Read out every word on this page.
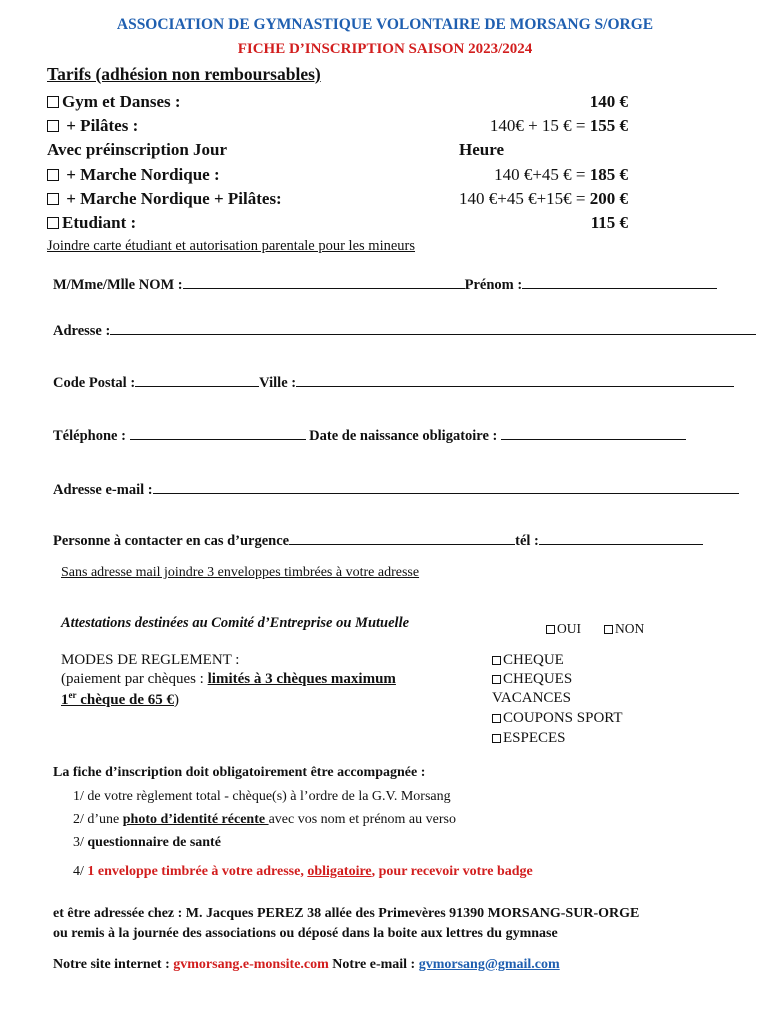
ASSOCIATION DE GYMNASTIQUE VOLONTAIRE DE MORSANG S/ORGE
FICHE D’INSCRIPTION SAISON 2023/2024
Tarifs (adhésion non remboursables)
Gym et Danses :	140 €
+ Pilâtes :	140€ + 15 € = 155 €
Avec préinscription Jour	Heure
+ Marche Nordique :	140 €+45 € = 185 €
+ Marche Nordique + Pilâtes:	140 €+45 €+15€ = 200 €
Etudiant :	115 €
Joindre carte étudiant et autorisation parentale pour les mineurs
M/Mme/Mlle NOM :	Prénom :
Adresse :
Code Postal :	Ville :
Téléphone :	Date de naissance obligatoire :
Adresse e-mail :
Personne à contacter en cas d’urgence	tél :
Sans adresse mail joindre 3 enveloppes timbrées à votre adresse
Attestations destinées au Comité d’Entreprise ou Mutuelle	OUI	NON
MODES DE REGLEMENT :
(paiement par chèques : limités à 3 chèques maximum
1er chèque de 65 €)
CHEQUE
CHEQUES
VACANCES
COUPONS SPORT
ESPECES
La fiche d’inscription doit obligatoirement être accompagnée :
1/ de votre règlement total - chèque(s) à l’ordre de la G.V. Morsang
2/ d’une photo d’identité récente avec vos nom et prénom au verso
3/ questionnaire de santé
4/ 1 enveloppe timbrée à votre adresse, obligatoire, pour recevoir votre badge
et être adressée chez : M. Jacques PEREZ 38 allée des Primevères 91390 MORSANG-SUR-ORGE
ou remis à la journée des associations ou déposé dans la boite aux lettres du gymnase
Notre site internet : gvmorsang.e-monsite.com Notre e-mail : gvmorsang@gmail.com
